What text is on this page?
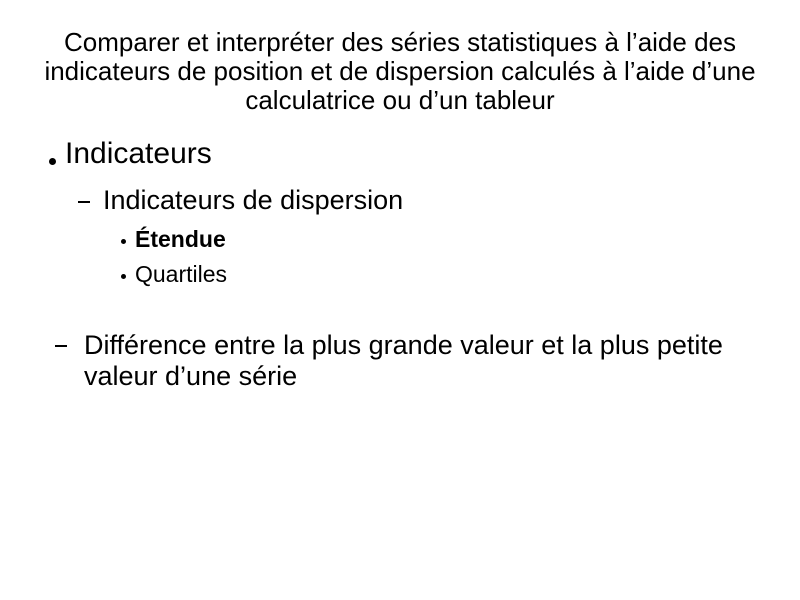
Comparer et interpréter des séries statistiques à l’aide des indicateurs de position et de dispersion calculés à l’aide d’une calculatrice ou d’un tableur

Indicateurs

Indicateurs de dispersion

Étendue

Quartiles

Différence entre la plus grande valeur et la plus petite valeur d’une série
